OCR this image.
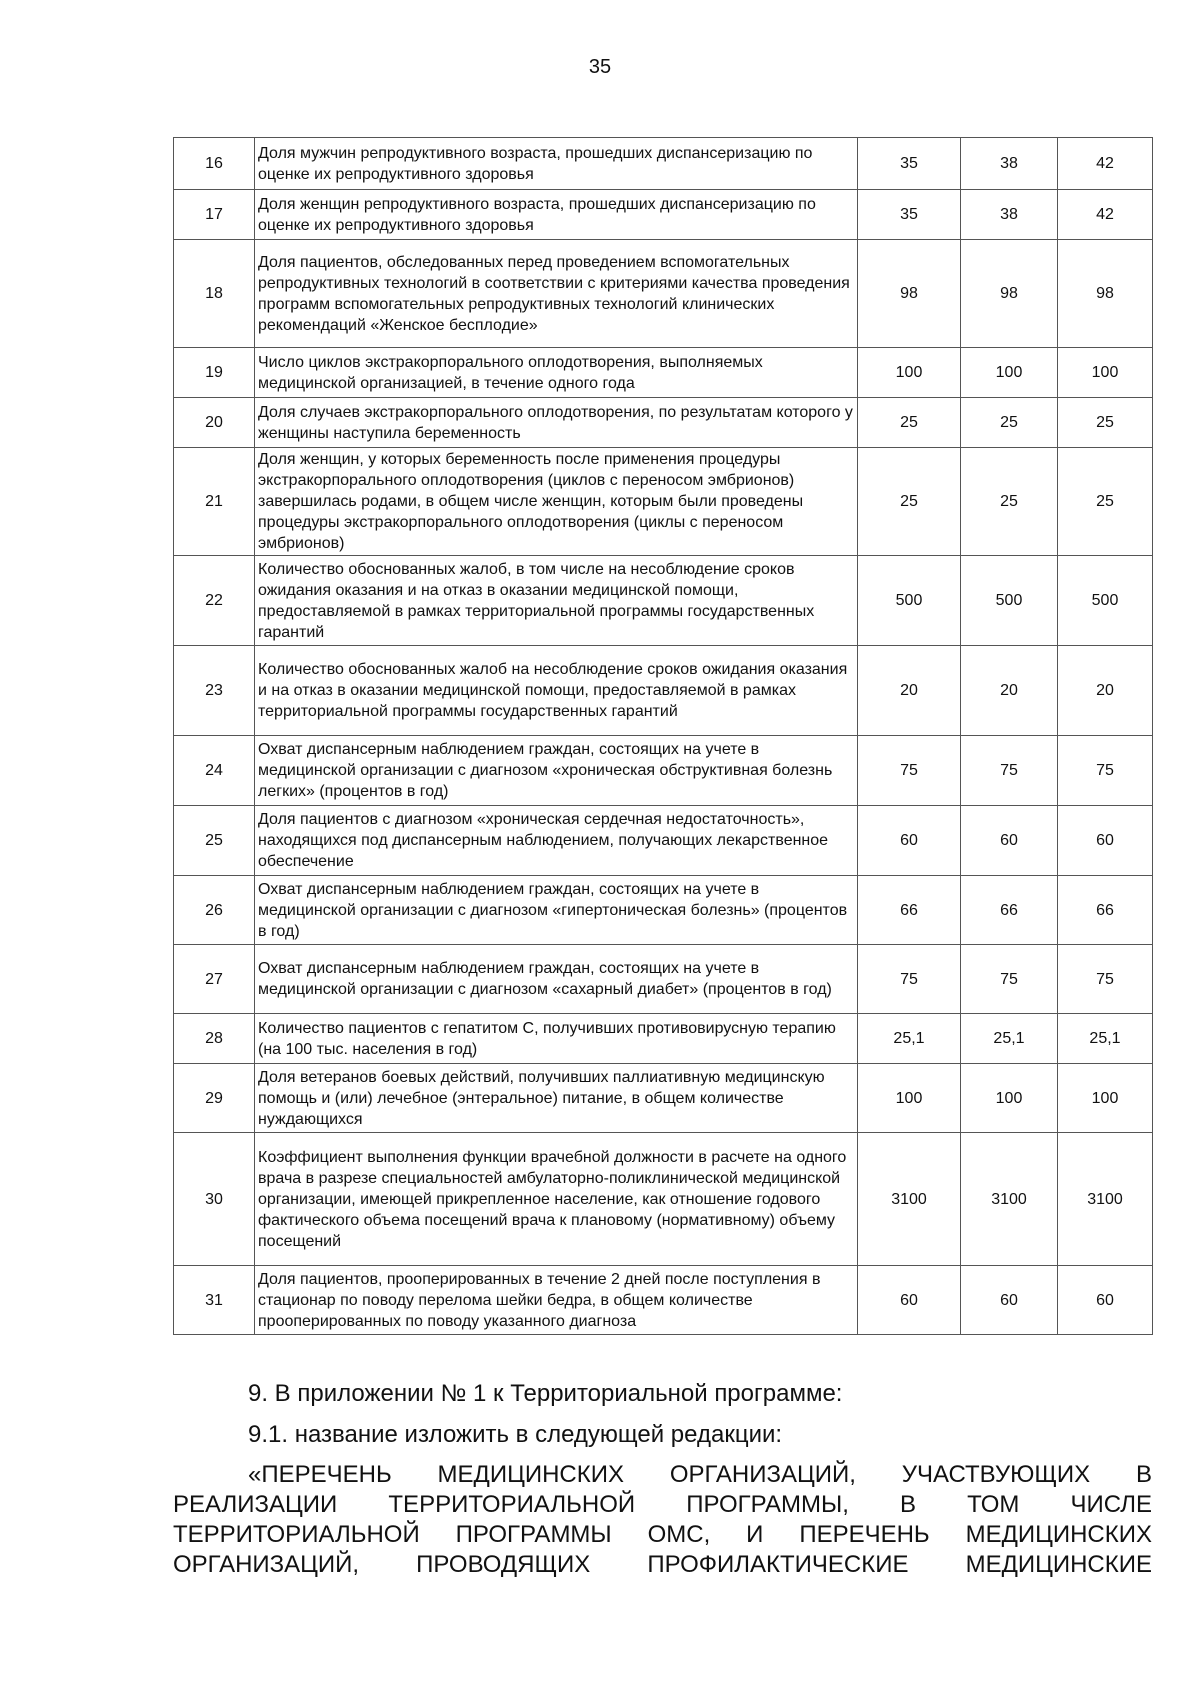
35
16	Доля мужчин репродуктивного возраста, прошедших диспансеризацию по оценке их репродуктивного здоровья	35	38	42
17	Доля женщин репродуктивного возраста, прошедших диспансеризацию по оценке их репродуктивного здоровья	35	38	42
18	Доля пациентов, обследованных перед проведением вспомогательных репродуктивных технологий в соответствии с критериями качества проведения программ вспомогательных репродуктивных технологий клинических рекомендаций «Женское бесплодие»	98	98	98
19	Число циклов экстракорпорального оплодотворения, выполняемых медицинской организацией, в течение одного года	100	100	100
20	Доля случаев экстракорпорального оплодотворения, по результатам которого у женщины наступила беременность	25	25	25
21	Доля женщин, у которых беременность после применения процедуры экстракорпорального оплодотворения (циклов с переносом эмбрионов) завершилась родами, в общем числе женщин, которым были проведены процедуры экстракорпорального оплодотворения (циклы с переносом эмбрионов)	25	25	25
22	Количество обоснованных жалоб, в том числе на несоблюдение сроков ожидания оказания и на отказ в оказании медицинской помощи, предоставляемой в рамках территориальной программы государственных гарантий	500	500	500
23	Количество обоснованных жалоб на несоблюдение сроков ожидания оказания и на отказ в оказании медицинской помощи, предоставляемой в рамках территориальной программы государственных гарантий	20	20	20
24	Охват диспансерным наблюдением граждан, состоящих на учете в медицинской организации с диагнозом «хроническая обструктивная болезнь легких» (процентов в год)	75	75	75
25	Доля пациентов с диагнозом «хроническая сердечная недостаточность», находящихся под диспансерным наблюдением, получающих лекарственное обеспечение	60	60	60
26	Охват диспансерным наблюдением граждан, состоящих на учете в медицинской организации с диагнозом «гипертоническая болезнь» (процентов в год)	66	66	66
27	Охват диспансерным наблюдением граждан, состоящих на учете в медицинской организации с диагнозом «сахарный диабет» (процентов в год)	75	75	75
28	Количество пациентов с гепатитом С, получивших противовирусную терапию (на 100 тыс. населения в год)	25,1	25,1	25,1
29	Доля ветеранов боевых действий, получивших паллиативную медицинскую помощь и (или) лечебное (энтеральное) питание, в общем количестве нуждающихся	100	100	100
30	Коэффициент выполнения функции врачебной должности в расчете на одного врача в разрезе специальностей амбулаторно-поликлинической медицинской организации, имеющей прикрепленное население, как отношение годового фактического объема посещений врача к плановому (нормативному) объему посещений	3100	3100	3100
31	Доля пациентов, прооперированных в течение 2 дней после поступления в стационар по поводу перелома шейки бедра, в общем количестве прооперированных по поводу указанного диагноза	60	60	60
9. В приложении № 1 к Территориальной программе:
9.1. название изложить в следующей редакции:
«ПЕРЕЧЕНЬ МЕДИЦИНСКИХ ОРГАНИЗАЦИЙ, УЧАСТВУЮЩИХ В РЕАЛИЗАЦИИ ТЕРРИТОРИАЛЬНОЙ ПРОГРАММЫ, В ТОМ ЧИСЛЕ ТЕРРИТОРИАЛЬНОЙ ПРОГРАММЫ ОМС, И ПЕРЕЧЕНЬ МЕДИЦИНСКИХ ОРГАНИЗАЦИЙ, ПРОВОДЯЩИХ ПРОФИЛАКТИЧЕСКИЕ МЕДИЦИНСКИЕ
